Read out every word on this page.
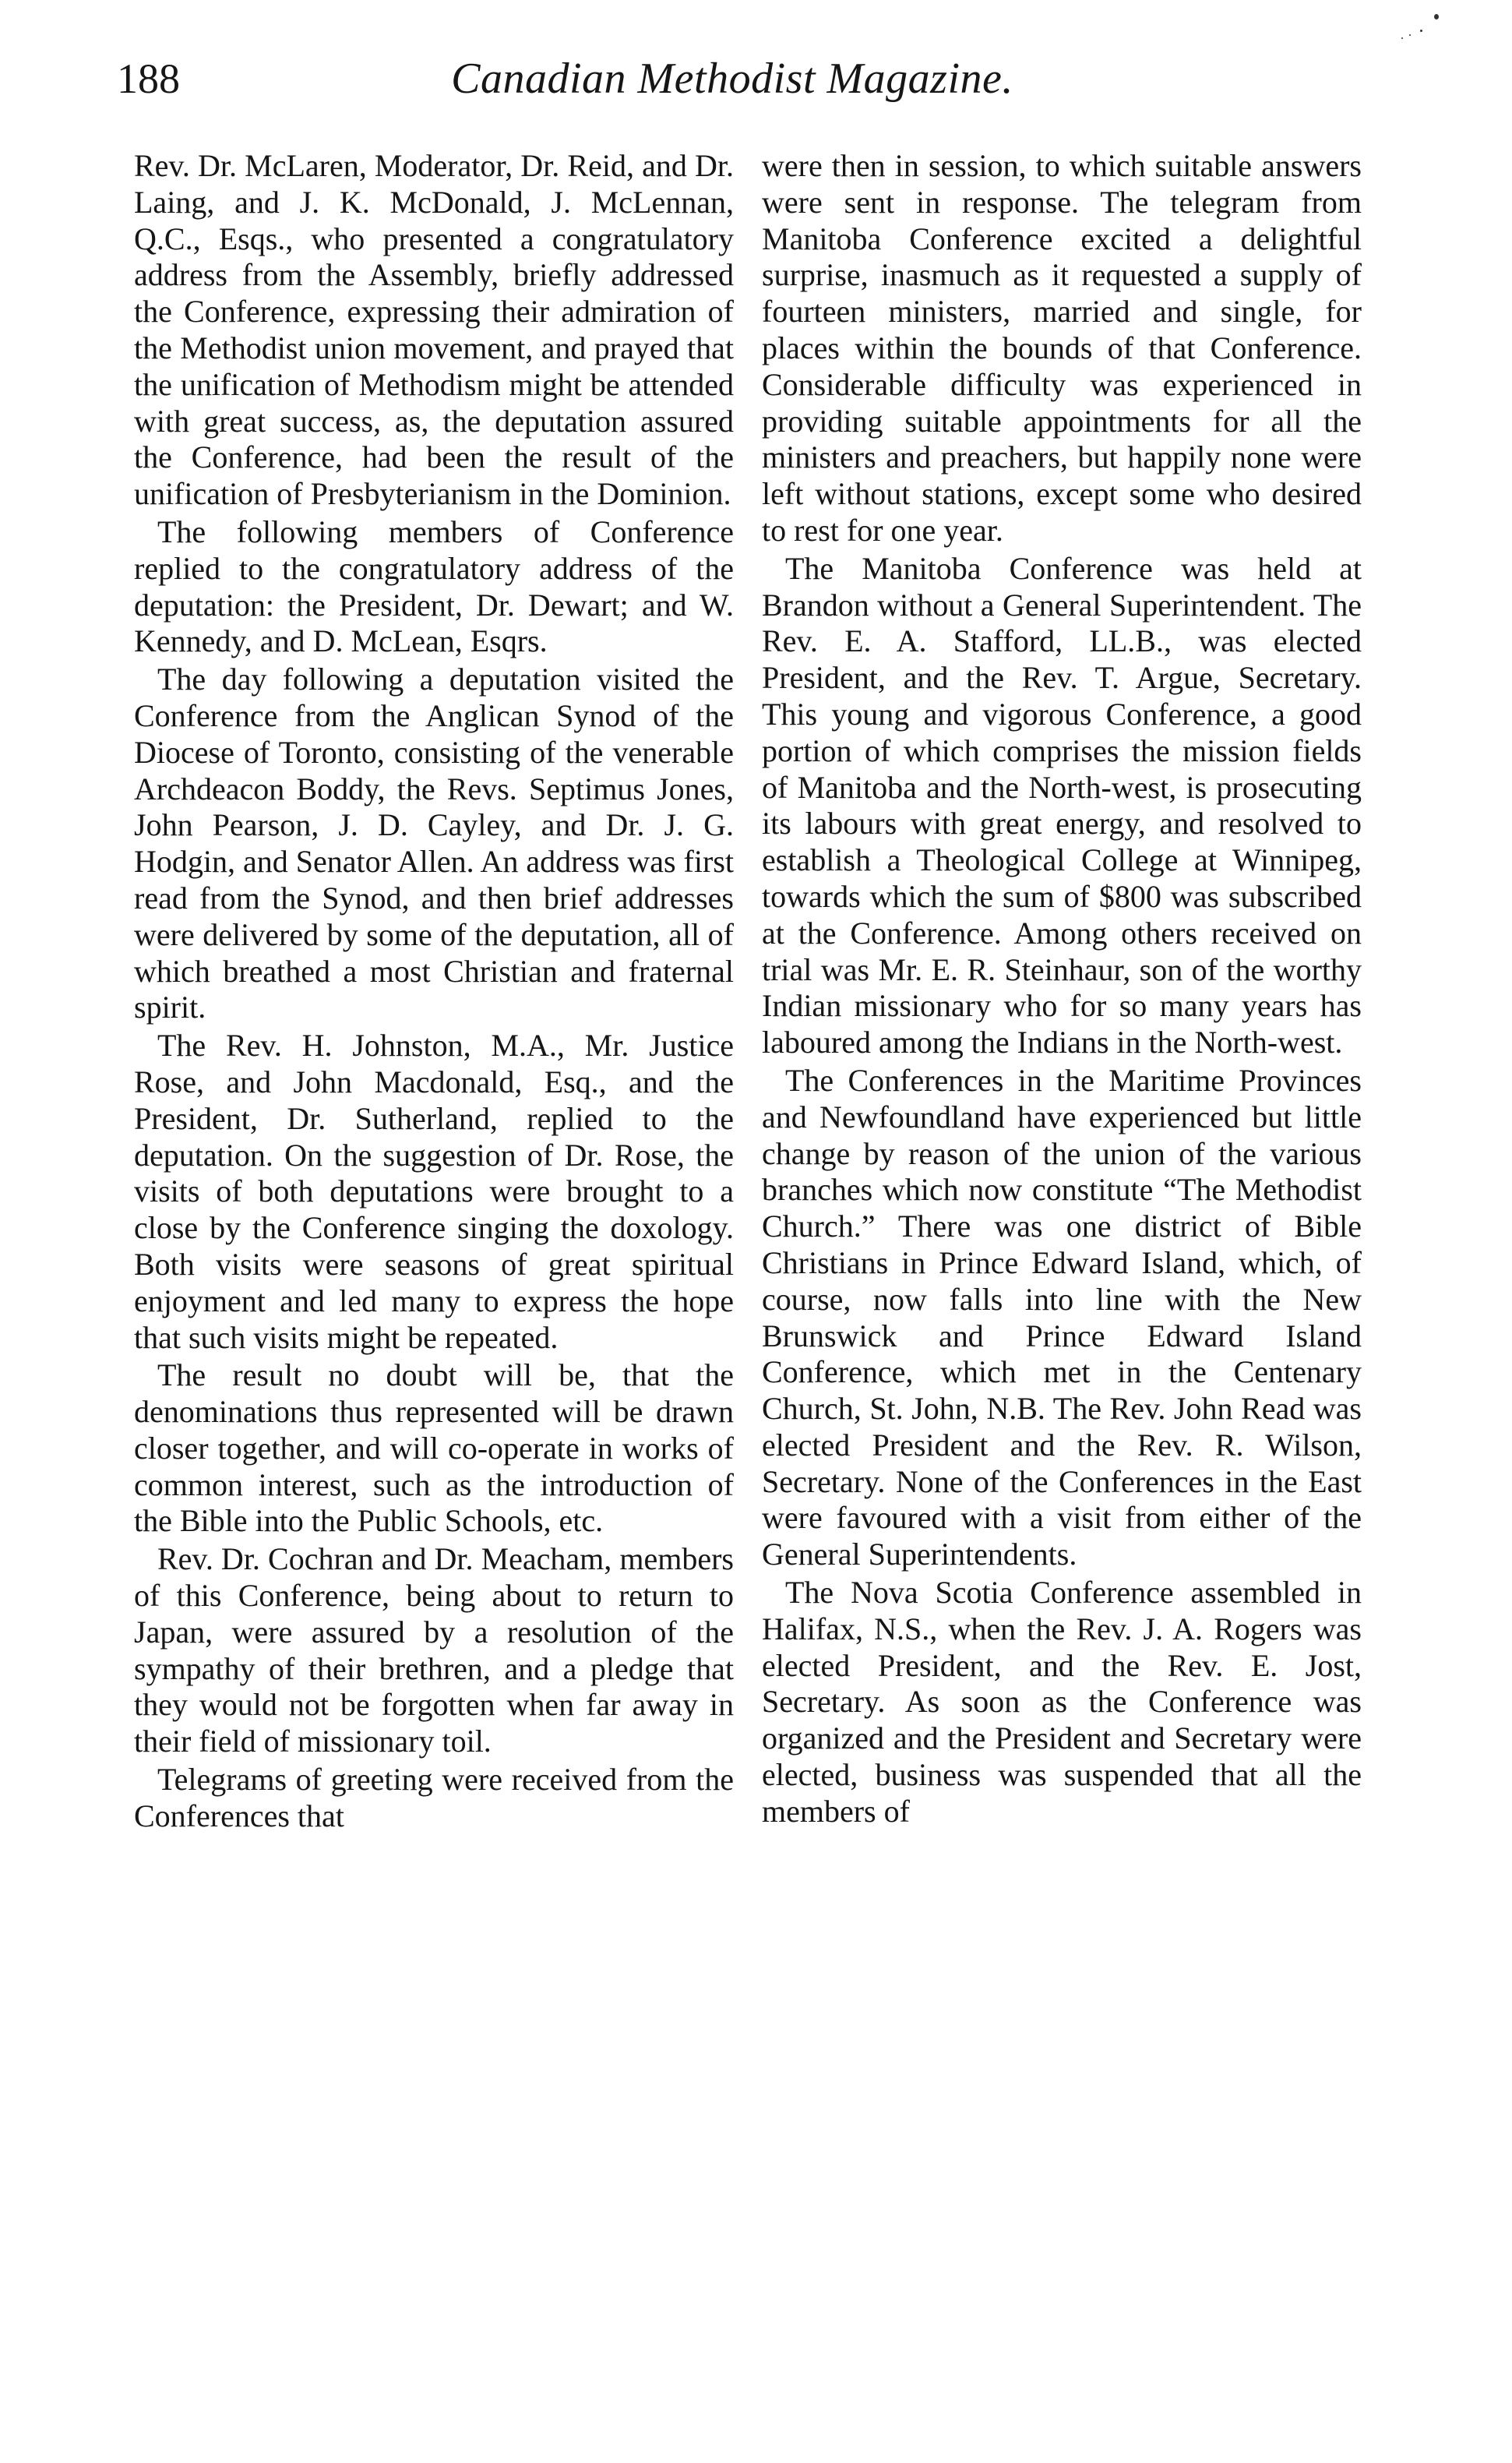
188	Canadian Methodist Magazine.

Rev. Dr. McLaren, Moderator, Dr. Reid, and Dr. Laing, and J. K. McDonald, J. McLennan, Q.C., Esqs., who presented a congratulatory address from the Assembly, briefly addressed the Conference, expressing their admiration of the Methodist union movement, and prayed that the unification of Methodism might be attended with great success, as, the deputation assured the Conference, had been the result of the unification of Presbyterianism in the Dominion.

The following members of Conference replied to the congratulatory address of the deputation: the President, Dr. Dewart; and W. Kennedy, and D. McLean, Esqrs.

The day following a deputation visited the Conference from the Anglican Synod of the Diocese of Toronto, consisting of the venerable Archdeacon Boddy, the Revs. Septimus Jones, John Pearson, J. D. Cayley, and Dr. J. G. Hodgin, and Senator Allen. An address was first read from the Synod, and then brief addresses were delivered by some of the deputation, all of which breathed a most Christian and fraternal spirit.

The Rev. H. Johnston, M.A., Mr. Justice Rose, and John Macdonald, Esq., and the President, Dr. Sutherland, replied to the deputation. On the suggestion of Dr. Rose, the visits of both deputations were brought to a close by the Conference singing the doxology. Both visits were seasons of great spiritual enjoyment and led many to express the hope that such visits might be repeated.

The result no doubt will be, that the denominations thus represented will be drawn closer together, and will co-operate in works of common interest, such as the introduction of the Bible into the Public Schools, etc.

Rev. Dr. Cochran and Dr. Meacham, members of this Conference, being about to return to Japan, were assured by a resolution of the sympathy of their brethren, and a pledge that they would not be forgotten when far away in their field of missionary toil.

Telegrams of greeting were received from the Conferences that

were then in session, to which suitable answers were sent in response. The telegram from Manitoba Conference excited a delightful surprise, inasmuch as it requested a supply of fourteen ministers, married and single, for places within the bounds of that Conference. Considerable difficulty was experienced in providing suitable appointments for all the ministers and preachers, but happily none were left without stations, except some who desired to rest for one year.

The Manitoba Conference was held at Brandon without a General Superintendent. The Rev. E. A. Stafford, LL.B., was elected President, and the Rev. T. Argue, Secretary. This young and vigorous Conference, a good portion of which comprises the mission fields of Manitoba and the North-west, is prosecuting its labours with great energy, and resolved to establish a Theological College at Winnipeg, towards which the sum of $800 was subscribed at the Conference. Among others received on trial was Mr. E. R. Steinhaur, son of the worthy Indian missionary who for so many years has laboured among the Indians in the North-west.

The Conferences in the Maritime Provinces and Newfoundland have experienced but little change by reason of the union of the various branches which now constitute “The Methodist Church.” There was one district of Bible Christians in Prince Edward Island, which, of course, now falls into line with the New Brunswick and Prince Edward Island Conference, which met in the Centenary Church, St. John, N.B. The Rev. John Read was elected President and the Rev. R. Wilson, Secretary. None of the Conferences in the East were favoured with a visit from either of the General Superintendents.

The Nova Scotia Conference assembled in Halifax, N.S., when the Rev. J. A. Rogers was elected President, and the Rev. E. Jost, Secretary. As soon as the Conference was organized and the President and Secretary were elected, business was suspended that all the members of
